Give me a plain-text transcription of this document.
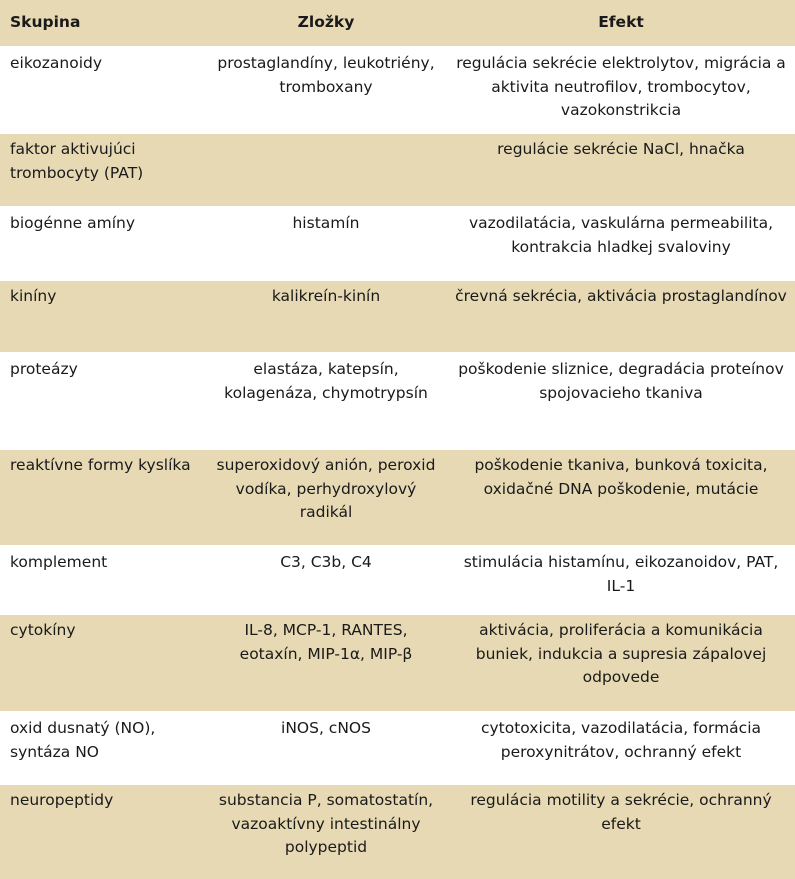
Skupina	Zložky	Efekt
eikozanoidy	prostaglandíny, leukotriény, tromboxany	regulácia sekrécie elektrolytov, migrácia a aktivita neutrofilov, trombocytov, vazokonstrikcia
faktor aktivujúci trombocyty (PAT)		regulácie sekrécie NaCl, hnačka
biogénne amíny	histamín	vazodilatácia, vaskulárna permeabilita, kontrakcia hladkej svaloviny
kiníny	kalikreín-kinín	črevná sekrécia, aktivácia prostaglandínov
proteázy	elastáza, katepsín, kolagenáza, chymotrypsín	poškodenie sliznice, degradácia proteínov spojovacieho tkaniva
reaktívne formy kyslíka	superoxidový anión, peroxid vodíka, perhydroxylový radikál	poškodenie tkaniva, bunková toxicita, oxidačné DNA poškodenie, mutácie
komplement	C3, C3b, C4	stimulácia histamínu, eikozanoidov, PAT, IL-1
cytokíny	IL-8, MCP-1, RANTES, eotaxín, MIP-1α, MIP-β	aktivácia, proliferácia a komunikácia buniek, indukcia a supresia zápalovej odpovede
oxid dusnatý (NO), syntáza NO	iNOS, cNOS	cytotoxicita, vazodilatácia, formácia peroxynitrátov, ochranný efekt
neuropeptidy	substancia P, somatostatín, vazoaktívny intestinálny polypeptid	regulácia motility a sekrécie, ochranný efekt
